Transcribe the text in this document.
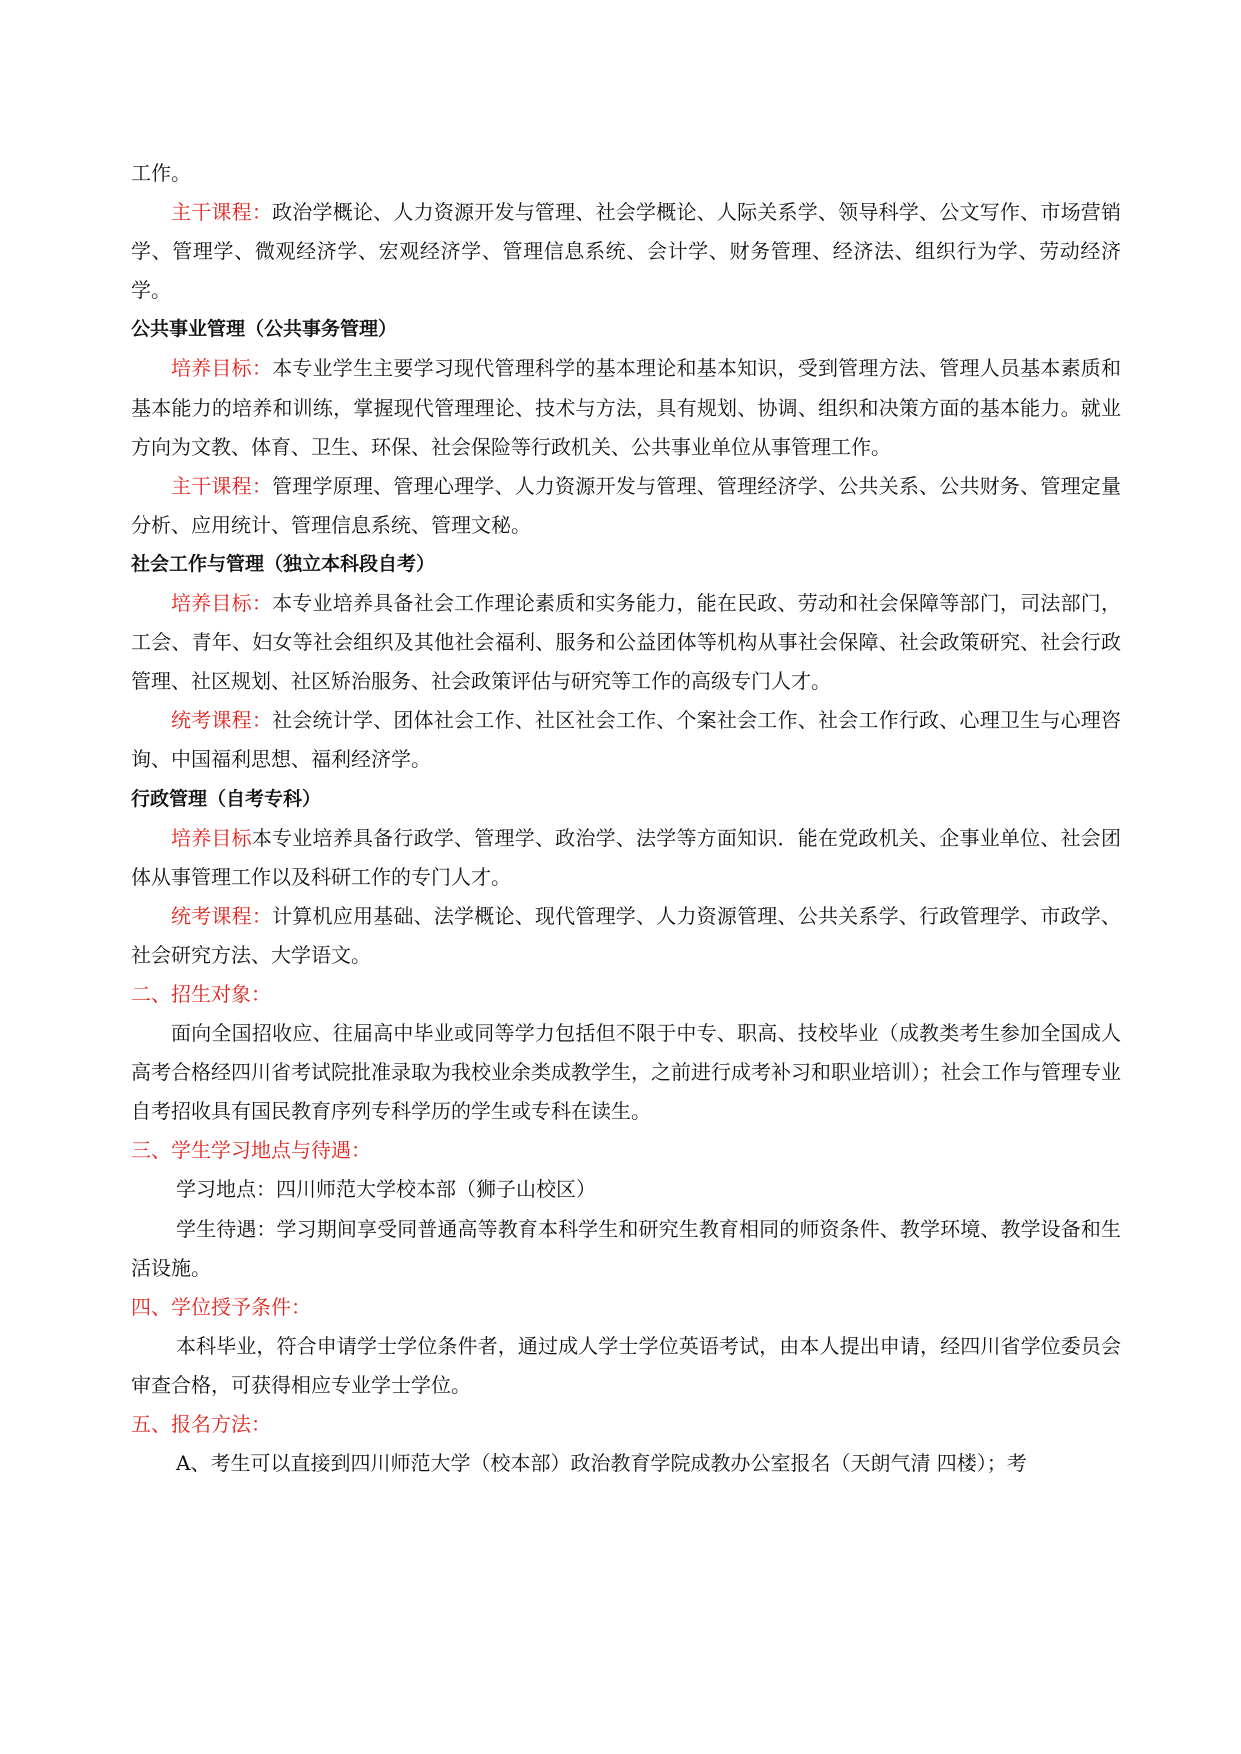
工作。

主干课程：政治学概论、人力资源开发与管理、社会学概论、人际关系学、领导科学、公文写作、市场营销学、管理学、微观经济学、宏观经济学、管理信息系统、会计学、财务管理、经济法、组织行为学、劳动经济学。

公共事业管理（公共事务管理）

培养目标：本专业学生主要学习现代管理科学的基本理论和基本知识，受到管理方法、管理人员基本素质和基本能力的培养和训练，掌握现代管理理论、技术与方法，具有规划、协调、组织和决策方面的基本能力。就业方向为文教、体育、卫生、环保、社会保险等行政机关、公共事业单位从事管理工作。

主干课程：管理学原理、管理心理学、人力资源开发与管理、管理经济学、公共关系、公共财务、管理定量分析、应用统计、管理信息系统、管理文秘。

社会工作与管理（独立本科段自考）

培养目标：本专业培养具备社会工作理论素质和实务能力，能在民政、劳动和社会保障等部门，司法部门，工会、青年、妇女等社会组织及其他社会福利、服务和公益团体等机构从事社会保障、社会政策研究、社会行政管理、社区规划、社区矫治服务、社会政策评估与研究等工作的高级专门人才。

统考课程：社会统计学、团体社会工作、社区社会工作、个案社会工作、社会工作行政、心理卫生与心理咨询、中国福利思想、福利经济学。

行政管理（自考专科）

培养目标本专业培养具备行政学、管理学、政治学、法学等方面知识．能在党政机关、企事业单位、社会团体从事管理工作以及科研工作的专门人才。

统考课程：计算机应用基础、法学概论、现代管理学、人力资源管理、公共关系学、行政管理学、市政学、社会研究方法、大学语文。

二、招生对象：

面向全国招收应、往届高中毕业或同等学力包括但不限于中专、职高、技校毕业（成教类考生参加全国成人高考合格经四川省考试院批准录取为我校业余类成教学生，之前进行成考补习和职业培训）；社会工作与管理专业自考招收具有国民教育序列专科学历的学生或专科在读生。

三、学生学习地点与待遇：

学习地点：四川师范大学校本部（狮子山校区）

学生待遇：学习期间享受同普通高等教育本科学生和研究生教育相同的师资条件、教学环境、教学设备和生活设施。

四、学位授予条件：

本科毕业，符合申请学士学位条件者，通过成人学士学位英语考试，由本人提出申请，经四川省学位委员会审查合格，可获得相应专业学士学位。

五、报名方法：

A、考生可以直接到四川师范大学（校本部）政治教育学院成教办公室报名（天朗气清 四楼）；考
